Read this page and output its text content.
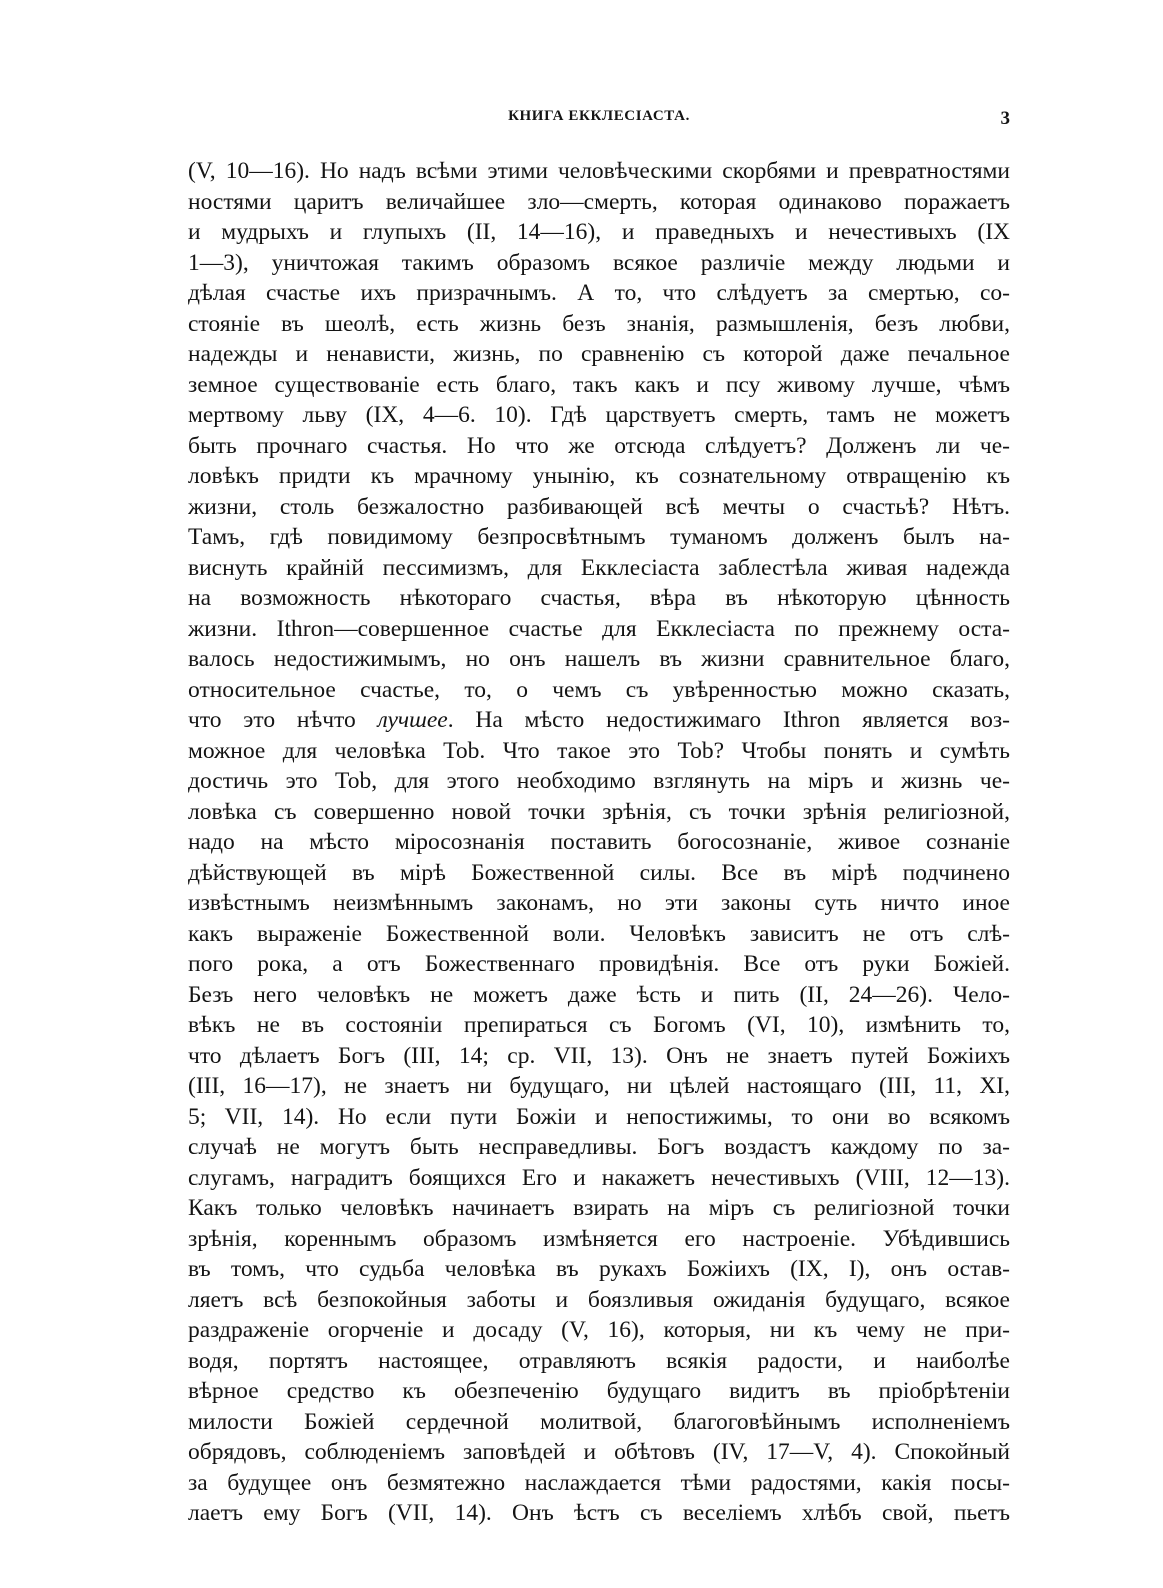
КНИГА ЕККЛЕСІАСТА.	3
(V, 10—16). Но надъ всѣми этими человѣческими скорбями и превратностями
ностями царитъ величайшее зло—смерть, которая одинаково поражаетъ
и мудрыхъ и глупыхъ (II, 14—16), и праведныхъ и нечестивыхъ (IX
1—3), уничтожая такимъ образомъ всякое различіе между людьми и
дѣлая счастье ихъ призрачнымъ. А то, что слѣдуетъ за смертью, со-
стояніе въ шеолѣ, есть жизнь безъ знанія, размышленія, безъ любви,
надежды и ненависти, жизнь, по сравненію съ которой даже печальное
земное существованіе есть благо, такъ какъ и псу живому лучше, чѣмъ
мертвому льву (IX, 4—6. 10). Гдѣ царствуетъ смерть, тамъ не можетъ
быть прочнаго счастья. Но что же отсюда слѣдуетъ? Долженъ ли че-
ловѣкъ придти къ мрачному унынію, къ сознательному отвращенію къ
жизни, столь безжалостно разбивающей всѣ мечты о счастьѣ? Нѣтъ.
Тамъ, гдѣ повидимому безпросвѣтнымъ туманомъ долженъ былъ на-
виснуть крайній пессимизмъ, для Екклесіаста заблестѣла живая надежда
на возможность нѣкотораго счастья, вѣра въ нѣкоторую цѣнность
жизни. Ithron—совершенное счастье для Екклесіаста по прежнему оста-
валось недостижимымъ, но онъ нашелъ въ жизни сравнительное благо,
относительное счастье, то, о чемъ съ увѣренностью можно сказать,
что это нѣчто лучшее. На мѣсто недостижимаго Ithron является воз-
можное для человѣка Tob. Что такое это Tob? Чтобы понять и сумѣть
достичь это Tob, для этого необходимо взглянуть на міръ и жизнь че-
ловѣка съ совершенно новой точки зрѣнія, съ точки зрѣнія религіозной,
надо на мѣсто міросознанія поставить богосознаніе, живое сознаніе
дѣйствующей въ мірѣ Божественной силы. Все въ мірѣ подчинено
извѣстнымъ неизмѣннымъ законамъ, но эти законы суть ничто иное
какъ выраженіе Божественной воли. Человѣкъ зависитъ не отъ слѣ-
пого рока, а отъ Божественнаго провидѣнія. Все отъ руки Божіей.
Безъ него человѣкъ не можетъ даже ѣсть и пить (II, 24—26). Чело-
вѣкъ не въ состояніи препираться съ Богомъ (VI, 10), измѣнить то,
что дѣлаетъ Богъ (III, 14; ср. VII, 13). Онъ не знаетъ путей Божіихъ
(III, 16—17), не знаетъ ни будущаго, ни цѣлей настоящаго (III, 11, XI,
5; VII, 14). Но если пути Божіи и непостижимы, то они во всякомъ
случаѣ не могутъ быть несправедливы. Богъ воздастъ каждому по за-
слугамъ, наградитъ боящихся Его и накажетъ нечестивыхъ (VIII, 12—13).
Какъ только человѣкъ начинаетъ взирать на міръ съ религіозной точки
зрѣнія, кореннымъ образомъ измѣняется его настроеніе. Убѣдившись
въ томъ, что судьба человѣка въ рукахъ Божіихъ (IX, I), онъ остав-
ляетъ всѣ безпокойныя заботы и боязливыя ожиданія будущаго, всякое
раздраженіе огорченіе и досаду (V, 16), которыя, ни къ чему не при-
водя, портятъ настоящее, отравляютъ всякія радости, и наиболѣе
вѣрное средство къ обезпеченію будущаго видитъ въ пріобрѣтеніи
милости Божіей сердечной молитвой, благоговѣйнымъ исполненіемъ
обрядовъ, соблюденіемъ заповѣдей и обѣтовъ (IV, 17—V, 4). Спокойный
за будущее онъ безмятежно наслаждается тѣми радостями, какія посы-
лаетъ ему Богъ (VII, 14). Онъ ѣстъ съ веселіемъ хлѣбъ свой, пьетъ
